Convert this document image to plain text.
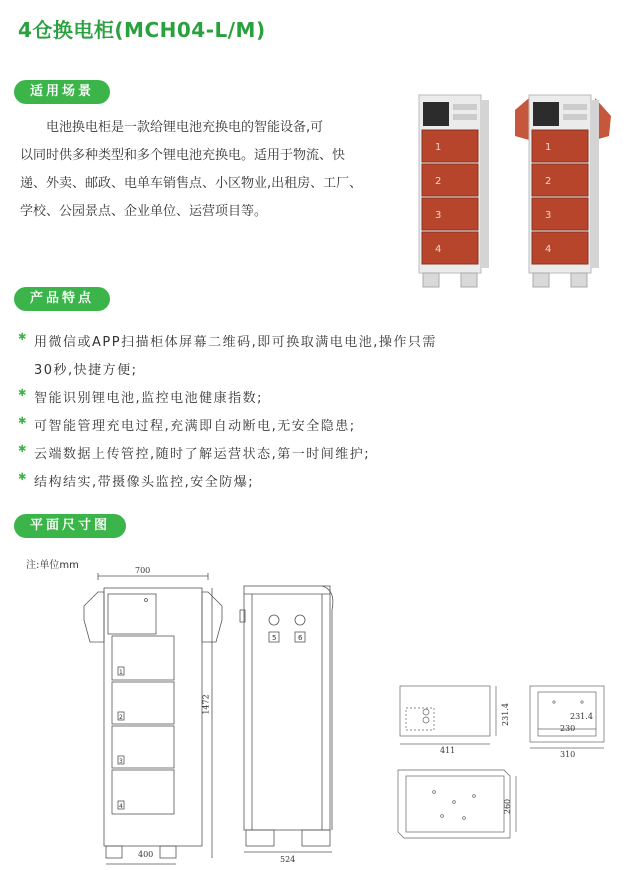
4仓换电柜(MCH04-L/M)
适用场景
电池换电柜是一款给锂电池充换电的智能设备,可
以同时供多种类型和多个锂电池充换电。适用于物流、快
递、外卖、邮政、电单车销售点、小区物业,出租房、工厂、
学校、公园景点、企业单位、运营项目等。
1
2
3
4
1
2
3
4
产品特点
✱ 用微信或APP扫描柜体屏幕二维码,即可换取满电电池,操作只需
30秒,快捷方便;
✱ 智能识别锂电池,监控电池健康指数;
✱ 可智能管理充电过程,充满即自动断电,无安全隐患;
✱ 云端数据上传管控,随时了解运营状态,第一时间维护;
✱ 结构结实,带摄像头监控,安全防爆;
平面尺寸图
注:单位mm
1
2
3
4
700
1472
400
5	6
524
411
231.4	231.4
230
310
260
